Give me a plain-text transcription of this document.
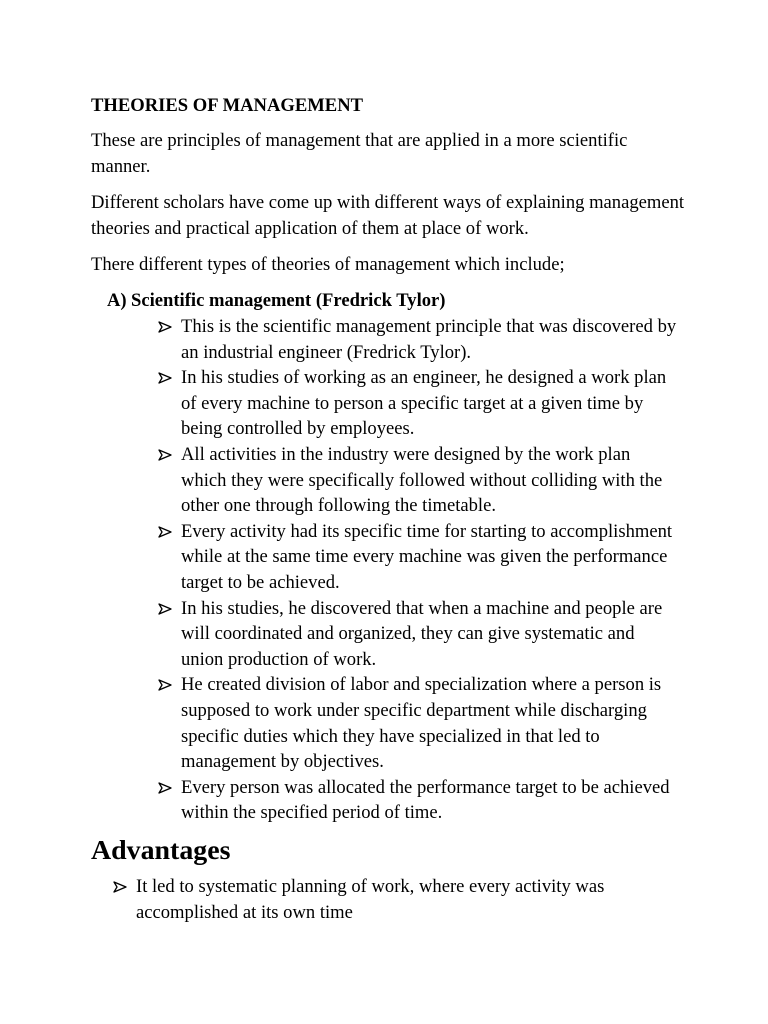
THEORIES OF MANAGEMENT

These are principles of management that are applied in a more scientific manner.

Different scholars have come up with different ways of explaining management theories and practical application of them at place of work.

There different types of theories of management which include;

A) Scientific management (Fredrick Tylor)
This is the scientific management principle that was discovered by an industrial engineer (Fredrick Tylor).
In his studies of working as an engineer, he designed a work plan of every machine to person a specific target at a given time by being controlled by employees.
All activities in the industry were designed by the work plan which they were specifically followed without colliding with the other one through following the timetable.
Every activity had its specific time for starting to accomplishment while at the same time every machine was given the performance target to be achieved.
In his studies, he discovered that when a machine and people are will coordinated and organized, they can give systematic and union production of work.
He created division of labor and specialization where a person is supposed to work under specific department while discharging specific duties which they have specialized in that led to management by objectives.
Every person was allocated the performance target to be achieved within the specified period of time.
Advantages
It led to systematic planning of work, where every activity was accomplished at its own time
